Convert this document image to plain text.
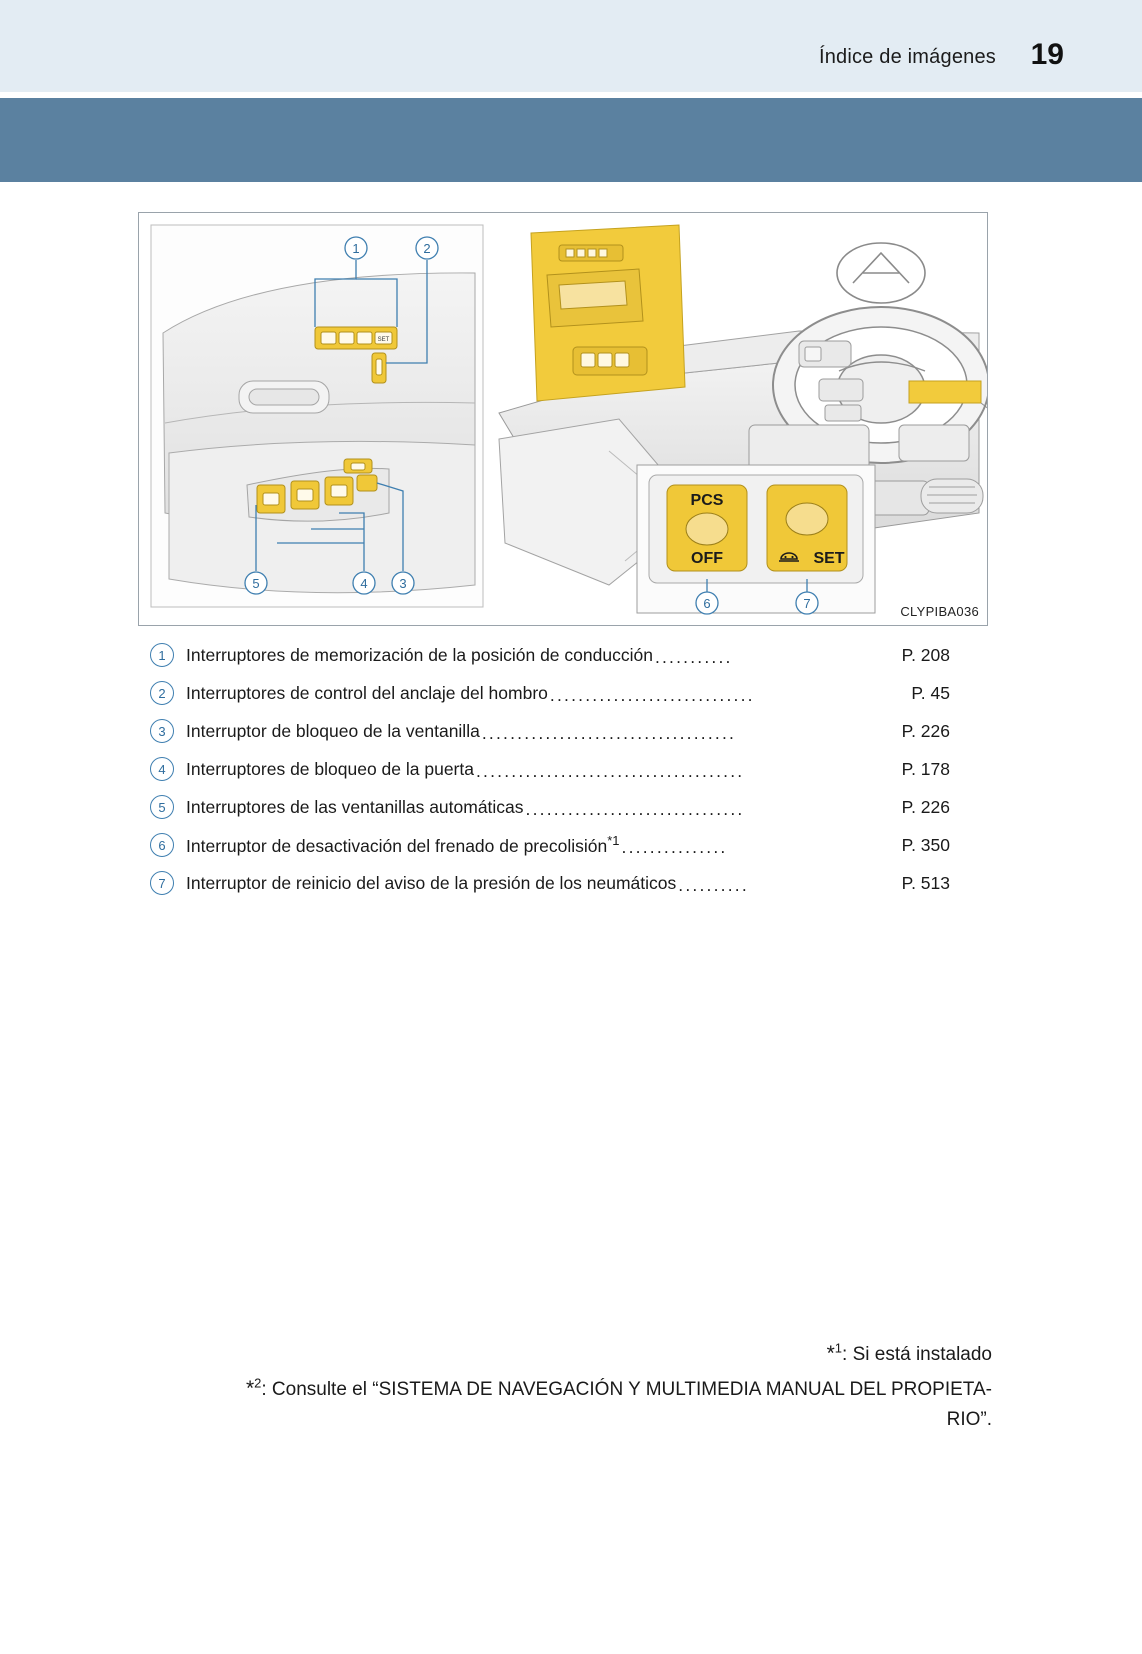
Índice de imágenes 19
SET
PCS
OFF	SET
1	2
5	4 3
6	7
CLYPIBA036
1	Interruptores de memorización de la posición de conducción ...........	P. 208
2	Interruptores de control del anclaje del hombro .............................	P. 45
3	Interruptor de bloqueo de la ventanilla ....................................	P. 226
4	Interruptores de bloqueo de la puerta ......................................	P. 178
5	Interruptores de las ventanillas automáticas ...............................	P. 226
6	Interruptor de desactivación del frenado de precolisión$^{*1}$ ...............	P. 350
7	Interruptor de reinicio del aviso de la presión de los neumáticos ..........	P. 513
*$^1$: Si está instalado
*$^2$: Consulte el “SISTEMA DE NAVEGACIÓN Y MULTIMEDIA MANUAL DEL PROPIETA-
RIO”.
